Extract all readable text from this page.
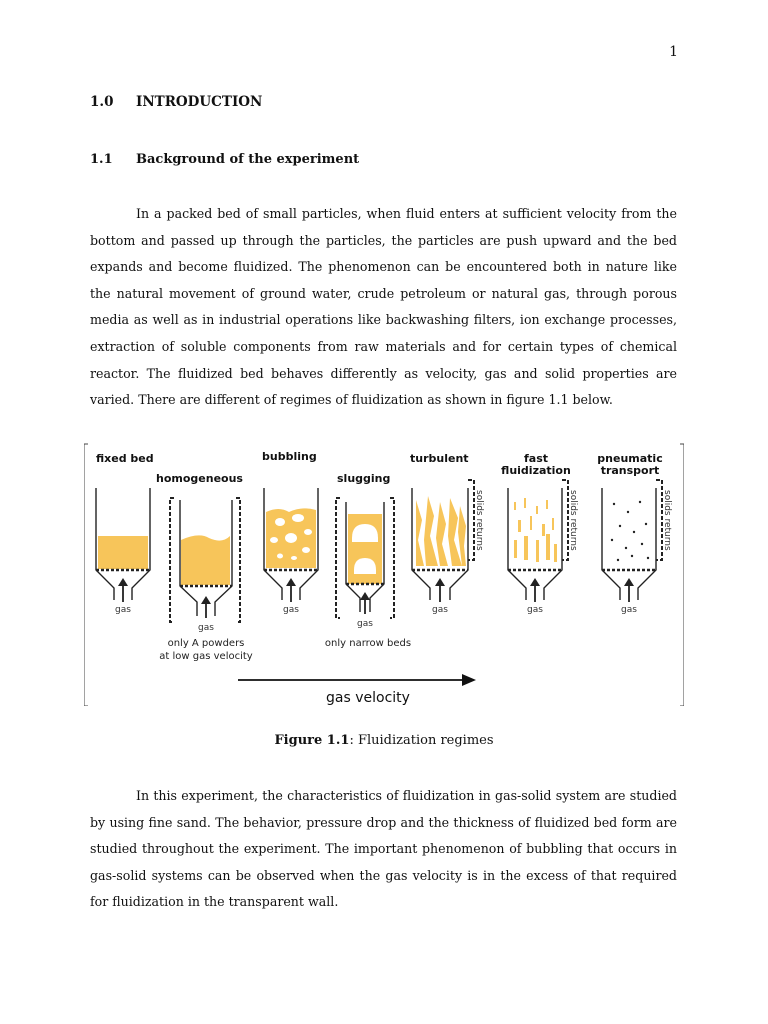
1
1.0 INTRODUCTION
1.1 Background of the experiment

In a packed bed of small particles, when fluid enters at sufficient velocity from the bottom and passed up through the particles, the particles are push upward and the bed expands and become fluidized. The phenomenon can be encountered both in nature like the natural movement of ground water, crude petroleum or natural gas, through porous media as well as in industrial operations like backwashing filters, ion exchange processes, extraction of soluble components from raw materials and for certain types of chemical reactor. The fluidized bed behaves differently as velocity, gas and solid properties are varied. There are different of regimes of fluidization as shown in figure 1.1 below.

fixed bed
homogeneous
bubbling
slugging
turbulent	fast
fluidization
pneumatic
transport
gas
gas
only A powders
at low gas velocity
gas
gas
only narrow beds
solids returns
gas
solids returns
gas
solids returns
gas
gas velocity
Figure 1.1: Fluidization regimes

In this experiment, the characteristics of fluidization in gas-solid system are studied by using fine sand. The behavior, pressure drop and the thickness of fluidized bed form are studied throughout the experiment. The important phenomenon of bubbling that occurs in gas-solid systems can be observed when the gas velocity is in the excess of that required for fluidization in the transparent wall.
